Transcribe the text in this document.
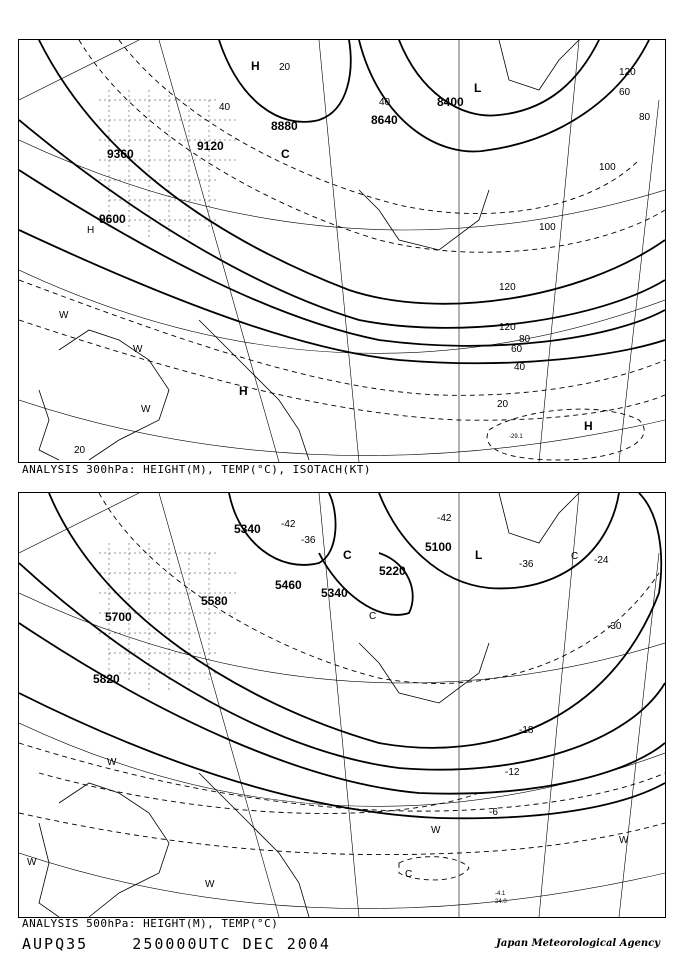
8400
8640
8880
9120
9360
9600
20
40
60
80
100
120
120
80
60
40
20
20
40
100
120
L
H
H
H
C
H
W
W
W
-29.1
ANALYSIS 300hPa: HEIGHT(M), TEMP(°C), ISOTACH(KT)
5100
5220
5340
5340
5460
5580
5700
5820
-42
-42
-36
-36
-30
-18
-12
-6
-24
L
C
C
C
C
W
W
W
W
W
-4.1
24.0
ANALYSIS 500hPa: HEIGHT(M), TEMP(°C)
AUPQ35    250000UTC DEC 2004	Japan Meteorological Agency
